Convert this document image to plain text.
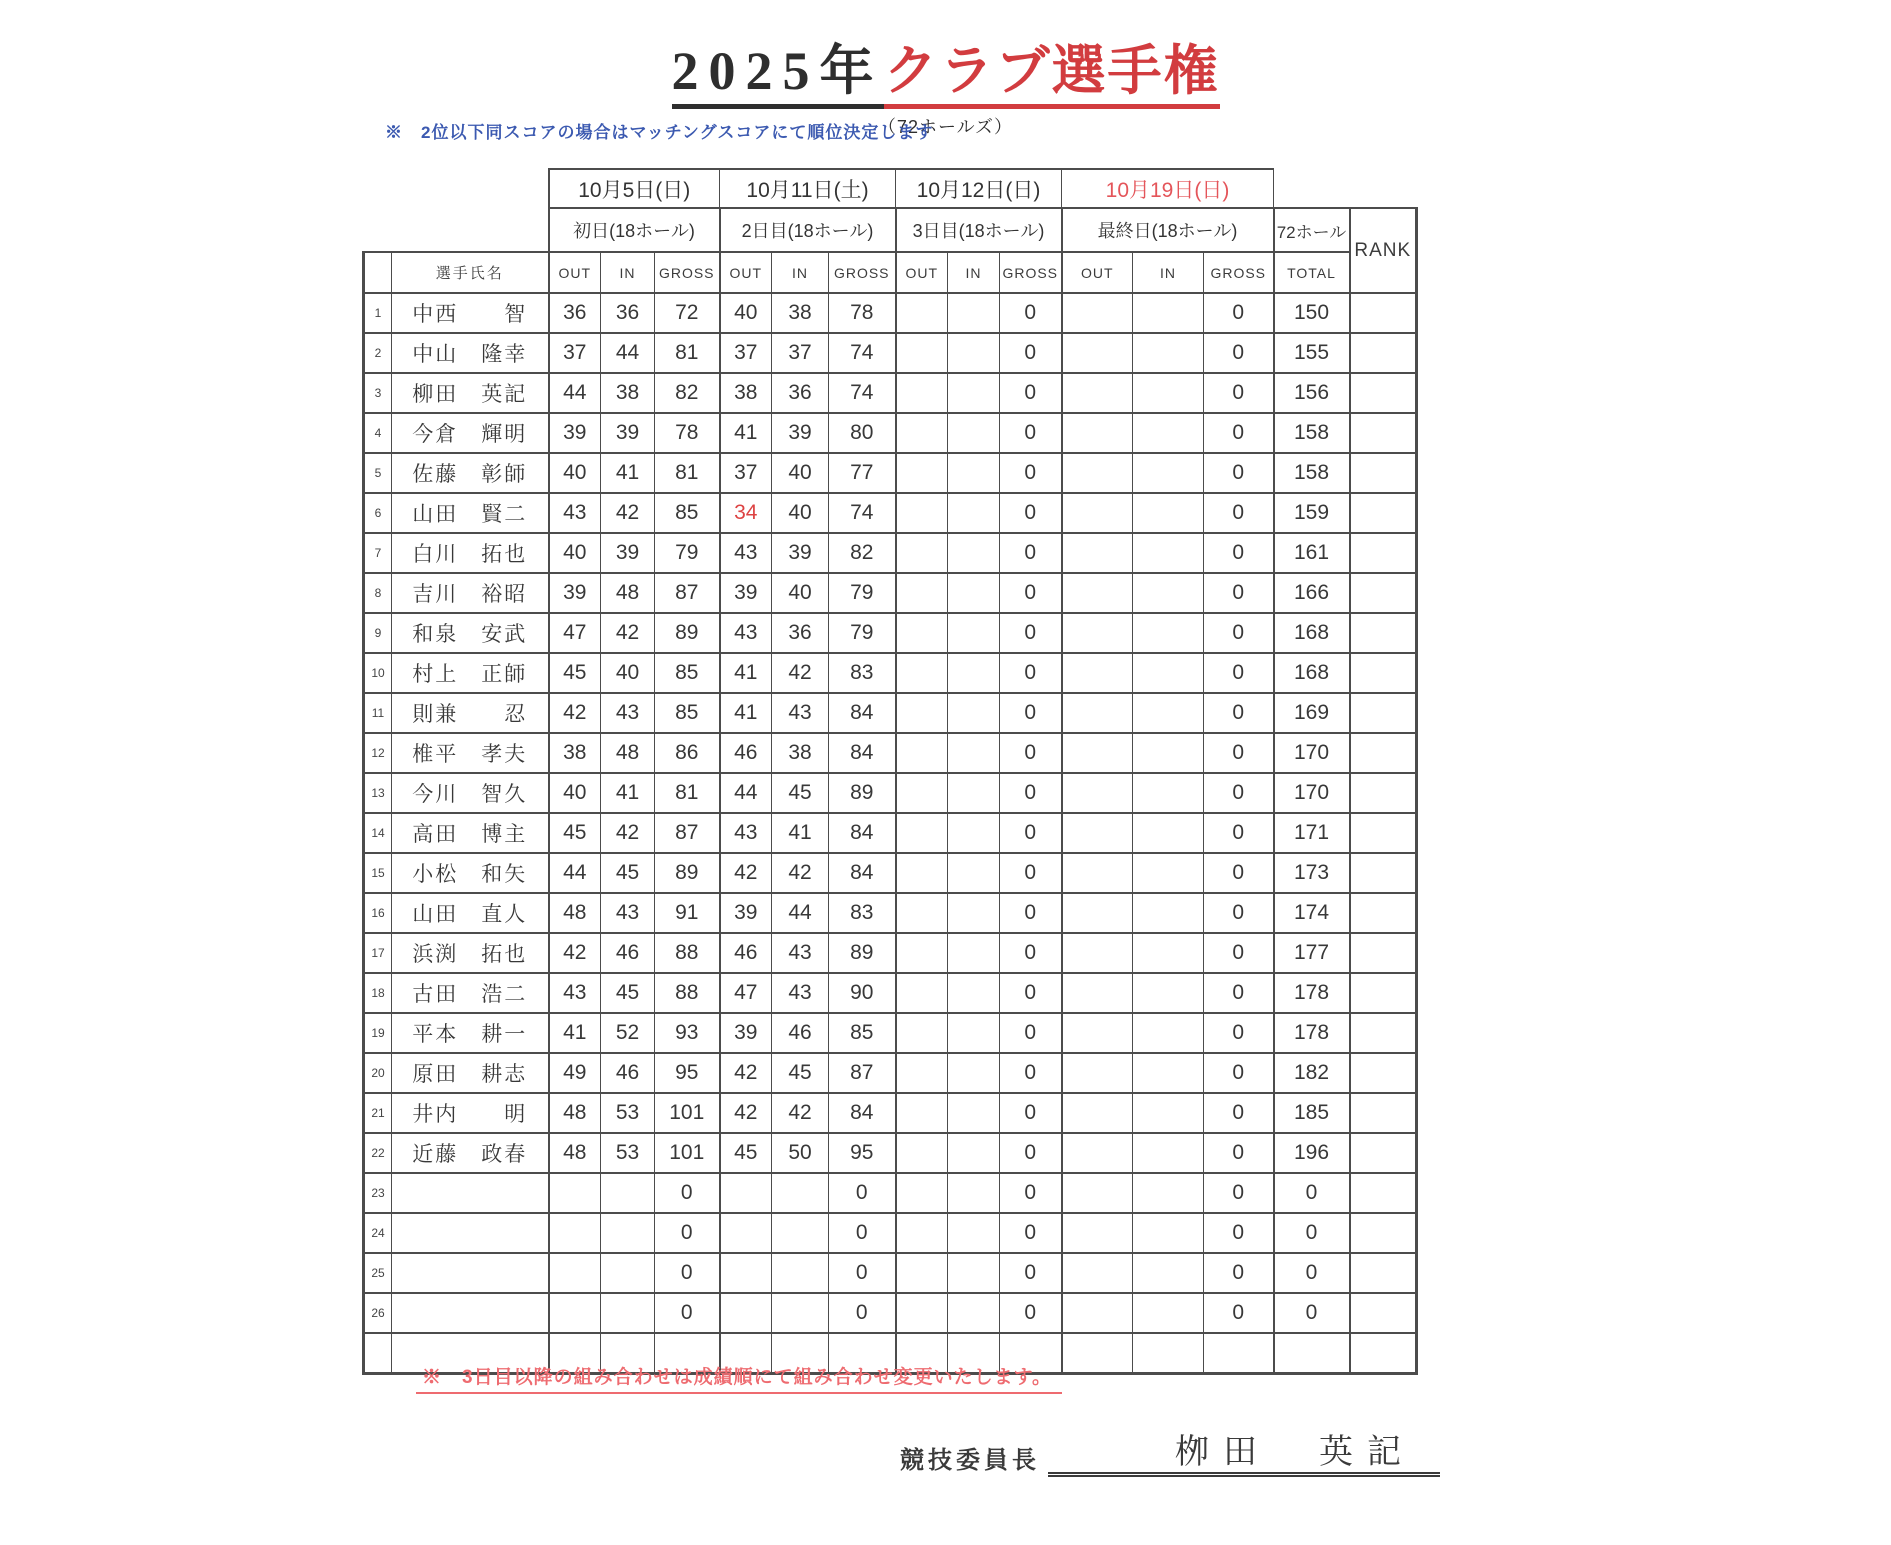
2025年クラブ選手権
（72ホールズ）
※　2位以下同スコアの場合はマッチングスコアにて順位決定します
		10月5日(日)			10月11日(土)			10月12日(日)			10月19日(日)				
		初日(18ホール)			2日目(18ホール)			3日目(18ホール)			最終日(18ホール)			72ホール	RANK
	選手氏名	OUT	IN	GROSS	OUT	IN	GROSS	OUT	IN	GROSS	OUT	IN	GROSS	TOTAL	
1	中西　　智	36	36	72	40	38	78			0			0	150	
2	中山　隆幸	37	44	81	37	37	74			0			0	155	
3	柳田　英記	44	38	82	38	36	74			0			0	156	
4	今倉　輝明	39	39	78	41	39	80			0			0	158	
5	佐藤　彰師	40	41	81	37	40	77			0			0	158	
6	山田　賢二	43	42	85	34	40	74			0			0	159	
7	白川　拓也	40	39	79	43	39	82			0			0	161	
8	吉川　裕昭	39	48	87	39	40	79			0			0	166	
9	和泉　安武	47	42	89	43	36	79			0			0	168	
10	村上　正師	45	40	85	41	42	83			0			0	168	
11	則兼　　忍	42	43	85	41	43	84			0			0	169	
12	椎平　孝夫	38	48	86	46	38	84			0			0	170	
13	今川　智久	40	41	81	44	45	89			0			0	170	
14	高田　博主	45	42	87	43	41	84			0			0	171	
15	小松　和矢	44	45	89	42	42	84			0			0	173	
16	山田　直人	48	43	91	39	44	83			0			0	174	
17	浜渕　拓也	42	46	88	46	43	89			0			0	177	
18	古田　浩二	43	45	88	47	43	90			0			0	178	
19	平本　耕一	41	52	93	39	46	85			0			0	178	
20	原田　耕志	49	46	95	42	45	87			0			0	182	
21	井内　　明	48	53	101	42	42	84			0			0	185	
22	近藤　政春	48	53	101	45	50	95			0			0	196	
23				0			0			0			0	0	
24				0			0			0			0	0	
25				0			0			0			0	0	
26				0			0			0			0	0	

※　3日目以降の組み合わせは成績順にて組み合わせ変更いたします。
競技委員長	栁田　英記
